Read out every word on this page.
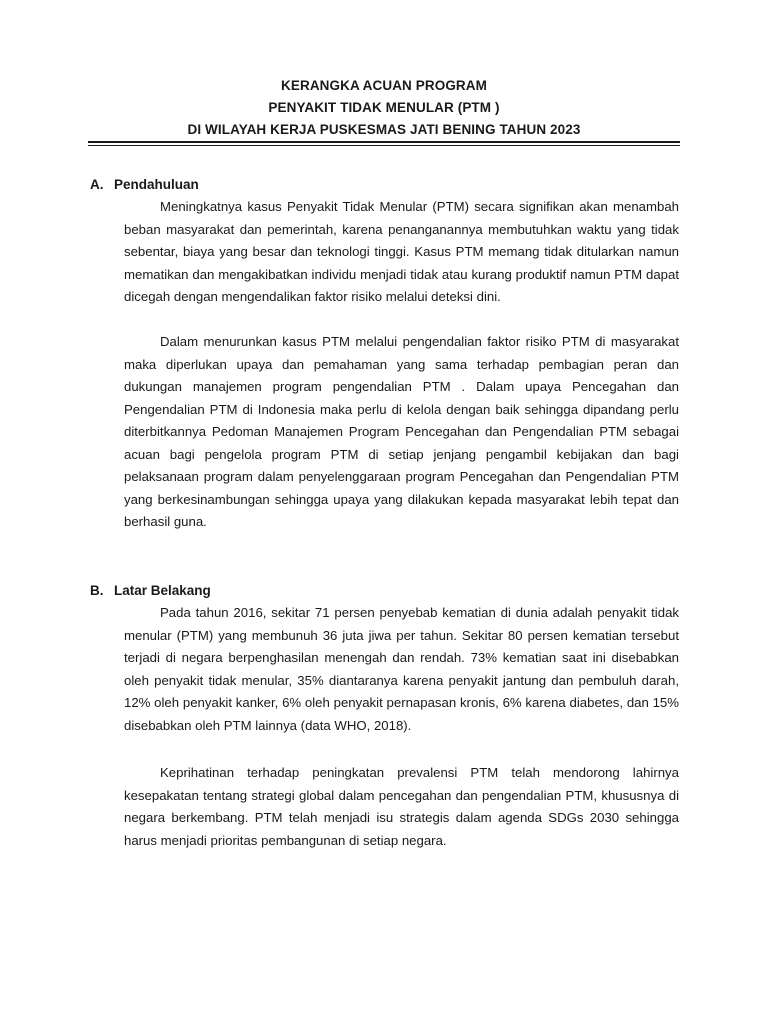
KERANGKA ACUAN PROGRAM
PENYAKIT TIDAK MENULAR (PTM )
DI WILAYAH KERJA PUSKESMAS JATI BENING TAHUN 2023
A. Pendahuluan

Meningkatnya kasus Penyakit Tidak Menular (PTM) secara signifikan akan menambah beban masyarakat dan pemerintah, karena penanganannya membutuhkan waktu yang tidak sebentar, biaya yang besar dan teknologi tinggi. Kasus PTM memang tidak ditularkan namun mematikan dan mengakibatkan individu menjadi tidak atau kurang produktif namun PTM dapat dicegah dengan mengendalikan faktor risiko melalui deteksi dini.

Dalam menurunkan kasus PTM melalui pengendalian faktor risiko PTM di masyarakat maka diperlukan upaya dan pemahaman yang sama terhadap pembagian peran dan dukungan manajemen program pengendalian PTM . Dalam upaya Pencegahan dan Pengendalian PTM di Indonesia maka perlu di kelola dengan baik sehingga dipandang perlu diterbitkannya Pedoman Manajemen Program Pencegahan dan Pengendalian PTM sebagai acuan bagi pengelola program PTM di setiap jenjang pengambil kebijakan dan bagi pelaksanaan program dalam penyelenggaraan program Pencegahan dan Pengendalian PTM yang berkesinambungan sehingga upaya yang dilakukan kepada masyarakat lebih tepat dan berhasil guna.

B. Latar Belakang

Pada tahun 2016, sekitar 71 persen penyebab kematian di dunia adalah penyakit tidak menular (PTM) yang membunuh 36 juta jiwa per tahun. Sekitar 80 persen kematian tersebut terjadi di negara berpenghasilan menengah dan rendah. 73% kematian saat ini disebabkan oleh penyakit tidak menular, 35% diantaranya karena penyakit jantung dan pembuluh darah, 12% oleh penyakit kanker, 6% oleh penyakit pernapasan kronis, 6% karena diabetes, dan 15% disebabkan oleh PTM lainnya (data WHO, 2018).

Keprihatinan terhadap peningkatan prevalensi PTM telah mendorong lahirnya kesepakatan tentang strategi global dalam pencegahan dan pengendalian PTM, khususnya di negara berkembang. PTM telah menjadi isu strategis dalam agenda SDGs 2030 sehingga harus menjadi prioritas pembangunan di setiap negara.
